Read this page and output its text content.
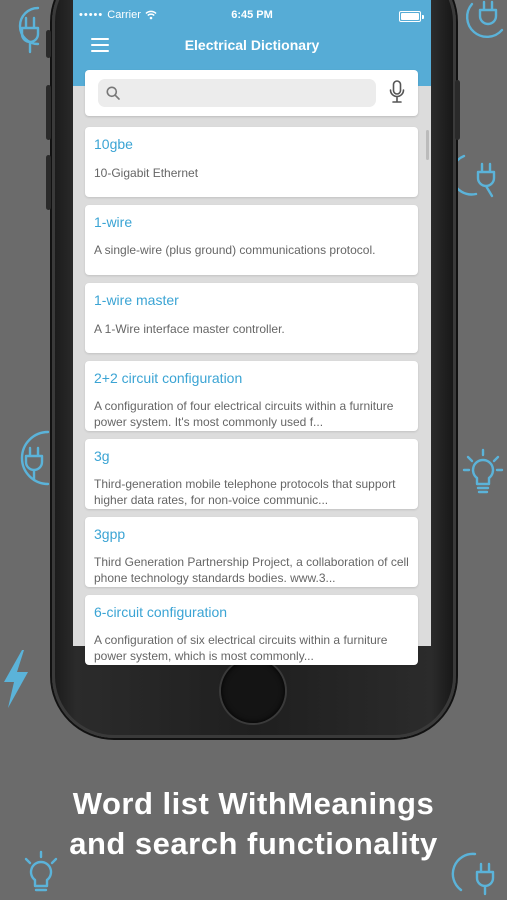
••••• Carrier	6:45 PM
Electrical Dictionary
10gbe
10-Gigabit Ethernet
1-wire
A single-wire (plus ground) communications protocol.
1-wire master
A 1-Wire interface master controller.
2+2 circuit configuration
A configuration of four electrical circuits within a furniture power system. It's most commonly used f...
3g
Third-generation mobile telephone protocols that support higher data rates, for non-voice communic...
3gpp
Third Generation Partnership Project, a collaboration of cell phone technology standards bodies. www.3...
6-circuit configuration
A configuration of six electrical circuits within a furniture power system, which is most commonly...
Word list WithMeanings
and search functionality
